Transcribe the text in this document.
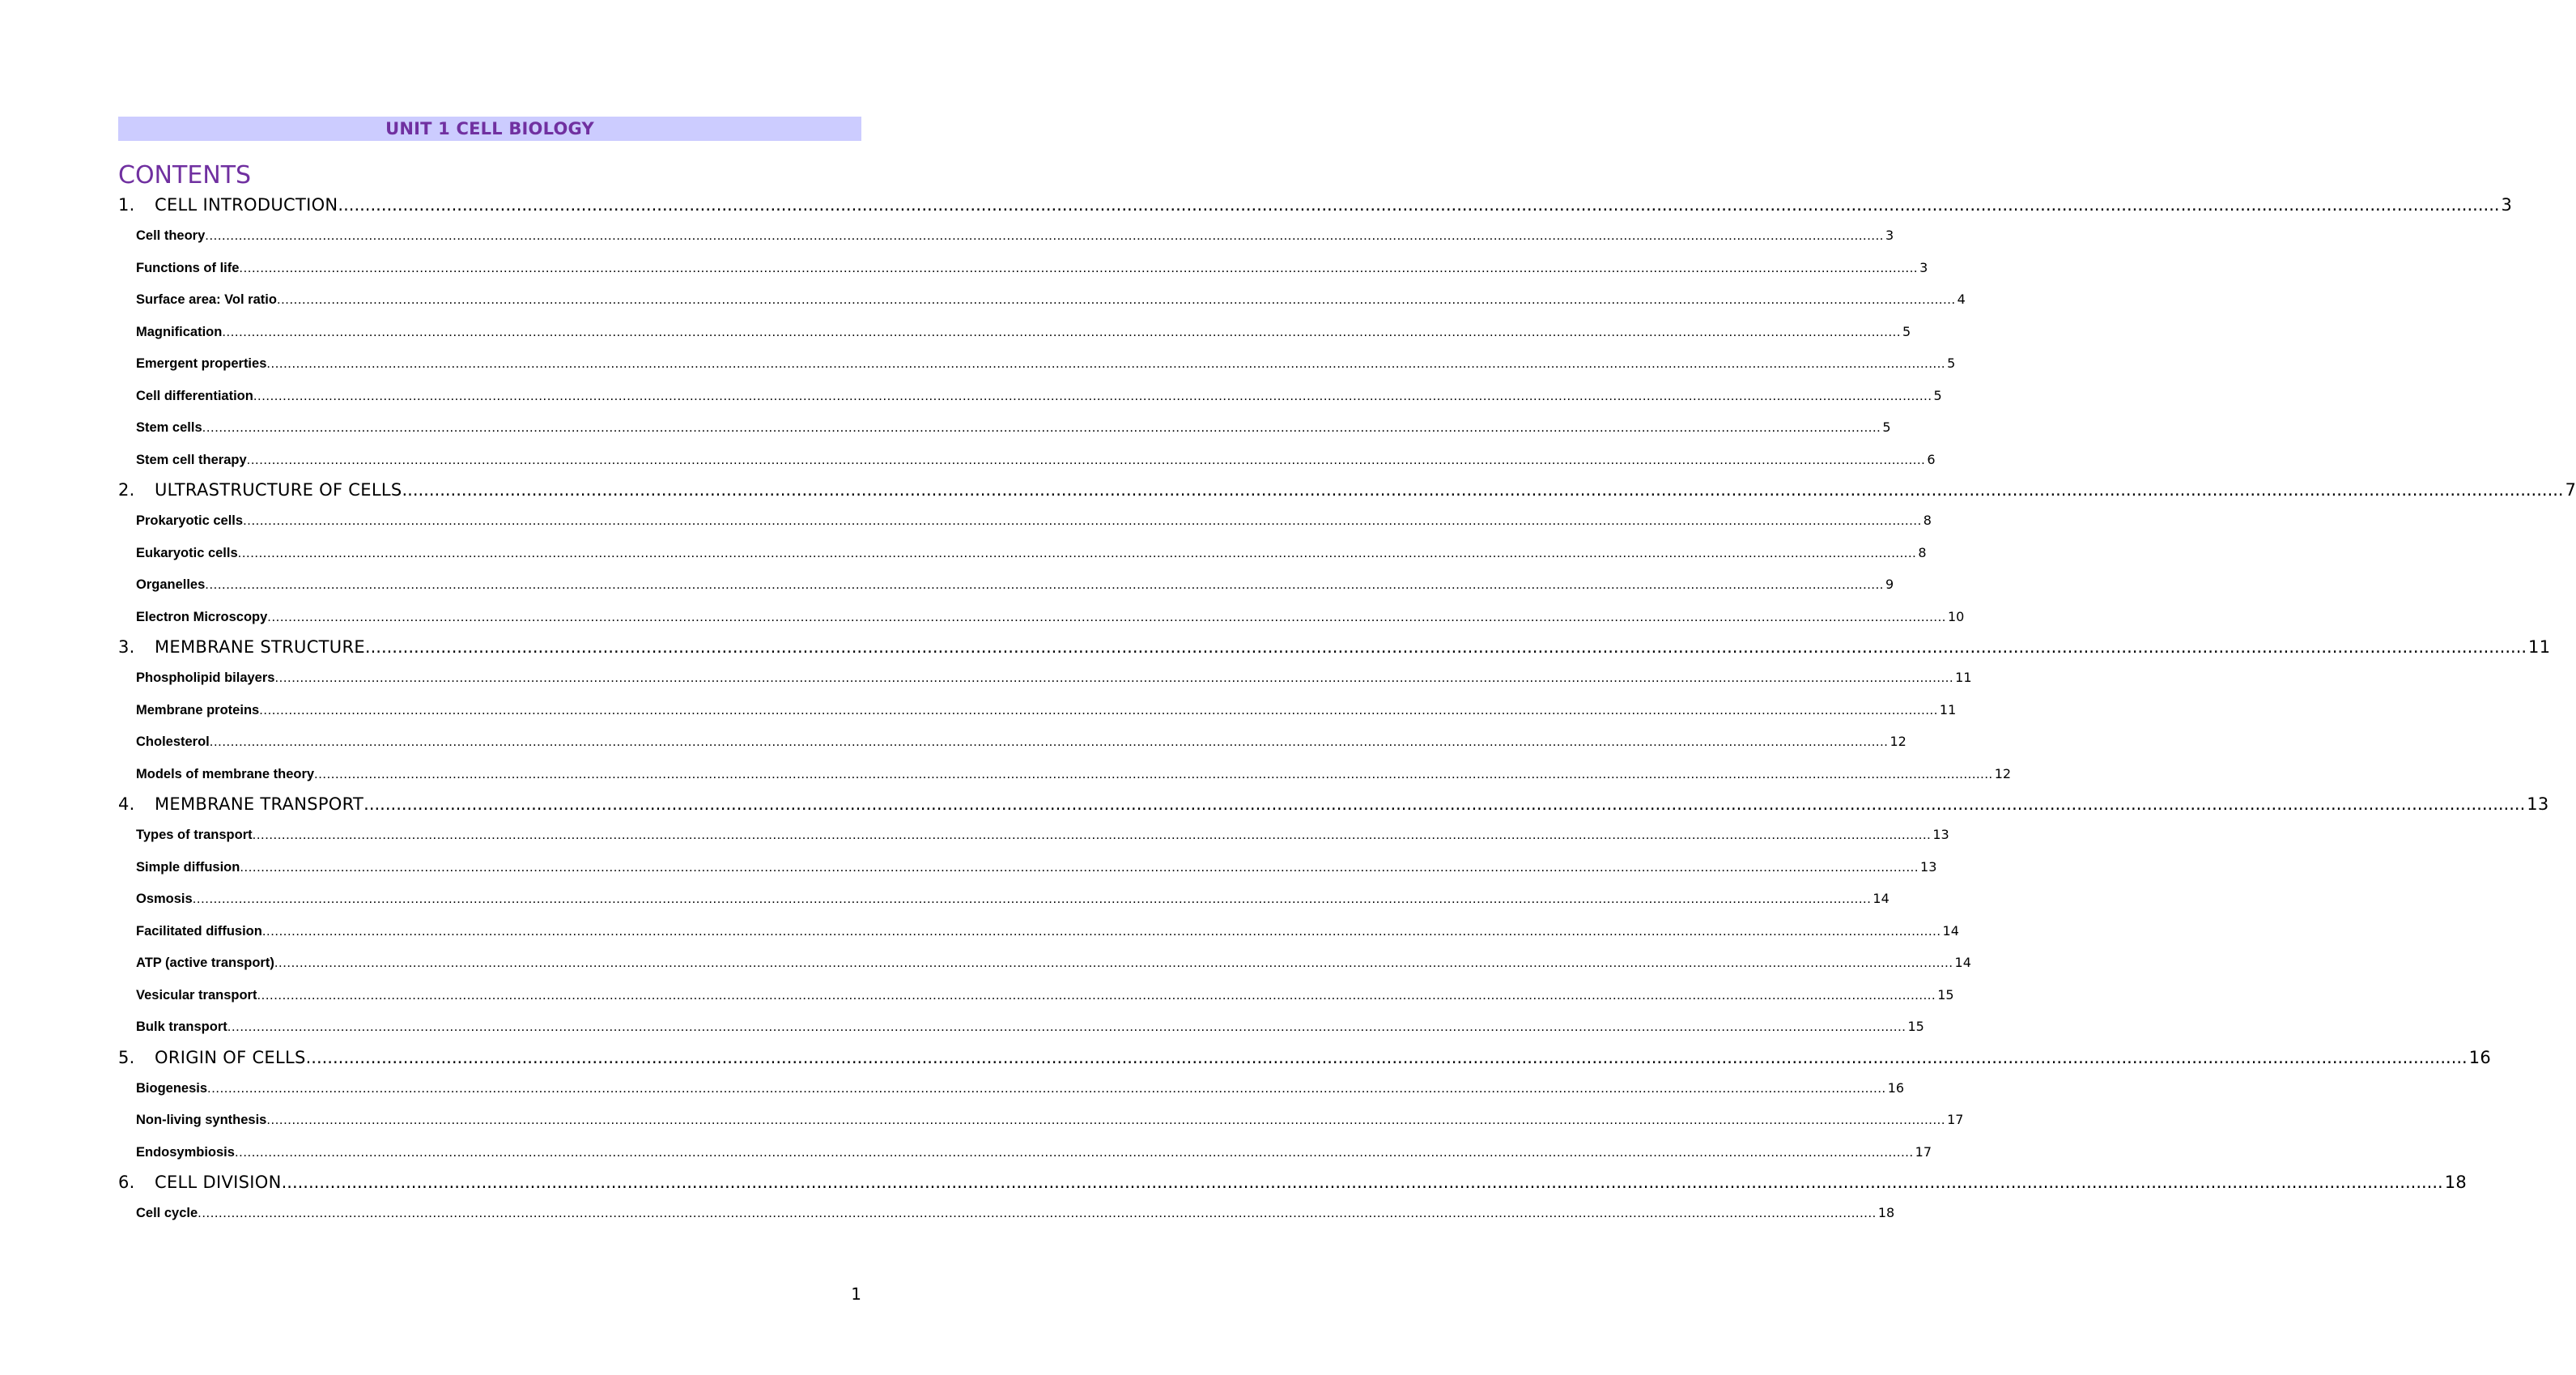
UNIT 1 CELL BIOLOGY
CONTENTS
1.	CELL INTRODUCTION ................................................................................................................................................................................................................................................................................................................................................................................................................ 3
Cell theory ................................................................................................................................................................................................................................................................................................................................................................................................................ 3
Functions of life ................................................................................................................................................................................................................................................................................................................................................................................................................ 3
Surface area: Vol ratio ................................................................................................................................................................................................................................................................................................................................................................................................................ 4
Magnification ................................................................................................................................................................................................................................................................................................................................................................................................................ 5
Emergent properties ................................................................................................................................................................................................................................................................................................................................................................................................................ 5
Cell differentiation ................................................................................................................................................................................................................................................................................................................................................................................................................ 5
Stem cells ................................................................................................................................................................................................................................................................................................................................................................................................................ 5
Stem cell therapy ................................................................................................................................................................................................................................................................................................................................................................................................................ 6
2.	ULTRASTRUCTURE OF CELLS ................................................................................................................................................................................................................................................................................................................................................................................................................ 7
Prokaryotic cells ................................................................................................................................................................................................................................................................................................................................................................................................................ 8
Eukaryotic cells ................................................................................................................................................................................................................................................................................................................................................................................................................ 8
Organelles ................................................................................................................................................................................................................................................................................................................................................................................................................ 9
Electron Microscopy ................................................................................................................................................................................................................................................................................................................................................................................................................ 10
3.	MEMBRANE STRUCTURE ................................................................................................................................................................................................................................................................................................................................................................................................................ 11
Phospholipid bilayers ................................................................................................................................................................................................................................................................................................................................................................................................................ 11
Membrane proteins ................................................................................................................................................................................................................................................................................................................................................................................................................ 11
Cholesterol ................................................................................................................................................................................................................................................................................................................................................................................................................ 12
Models of membrane theory ................................................................................................................................................................................................................................................................................................................................................................................................................ 12
4.	MEMBRANE TRANSPORT ................................................................................................................................................................................................................................................................................................................................................................................................................ 13
Types of transport ................................................................................................................................................................................................................................................................................................................................................................................................................ 13
Simple diffusion ................................................................................................................................................................................................................................................................................................................................................................................................................ 13
Osmosis ................................................................................................................................................................................................................................................................................................................................................................................................................ 14
Facilitated diffusion ................................................................................................................................................................................................................................................................................................................................................................................................................ 14
ATP (active transport) ................................................................................................................................................................................................................................................................................................................................................................................................................ 14
Vesicular transport ................................................................................................................................................................................................................................................................................................................................................................................................................ 15
Bulk transport ................................................................................................................................................................................................................................................................................................................................................................................................................ 15
5.	ORIGIN OF CELLS ................................................................................................................................................................................................................................................................................................................................................................................................................ 16
Biogenesis ................................................................................................................................................................................................................................................................................................................................................................................................................ 16
Non-living synthesis ................................................................................................................................................................................................................................................................................................................................................................................................................ 17
Endosymbiosis ................................................................................................................................................................................................................................................................................................................................................................................................................ 17
6.	CELL DIVISION ................................................................................................................................................................................................................................................................................................................................................................................................................ 18
Cell cycle ................................................................................................................................................................................................................................................................................................................................................................................................................ 18
1
